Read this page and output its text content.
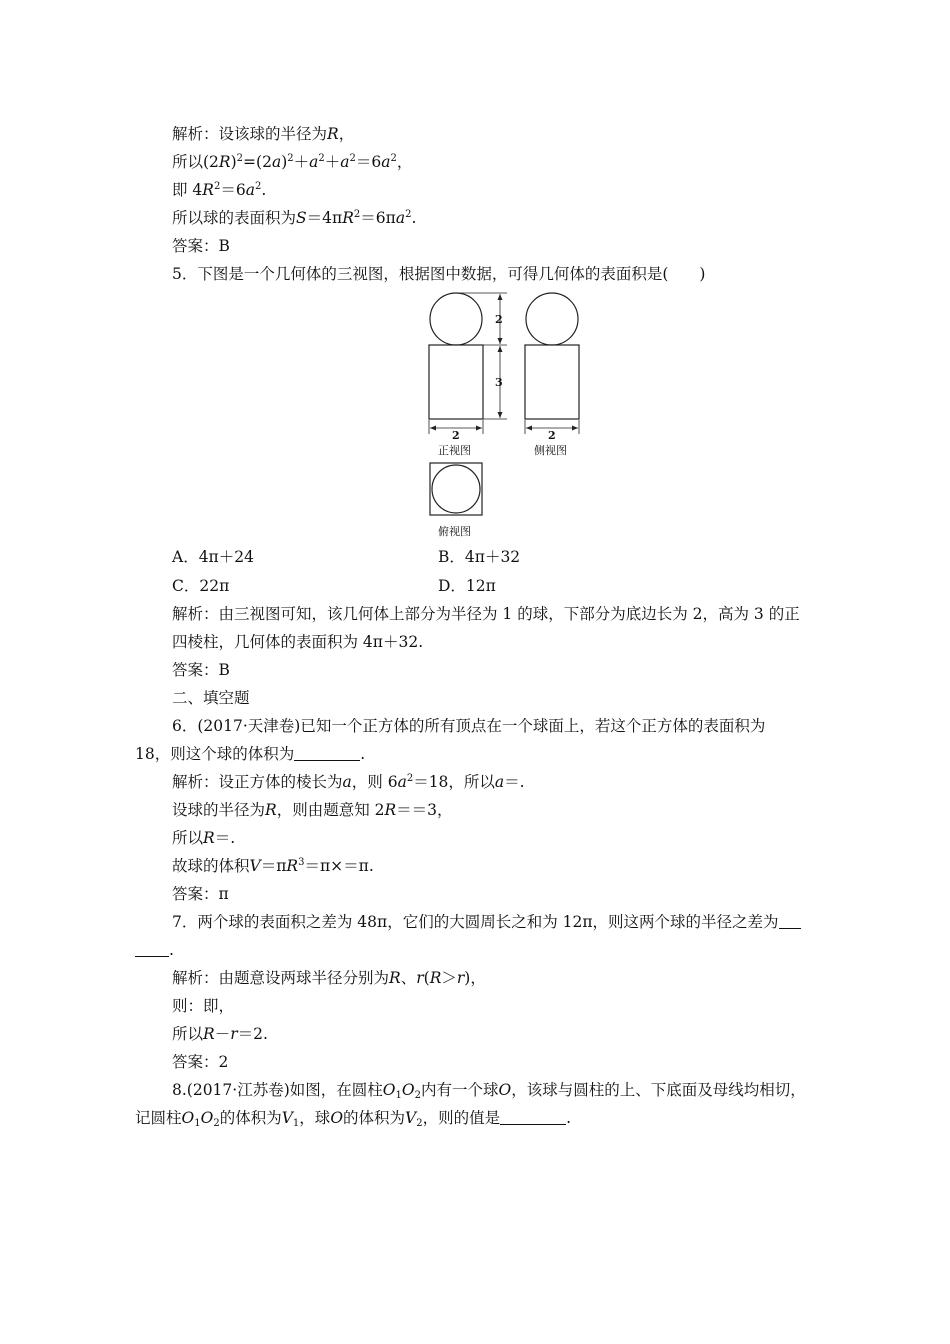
解析：设该球的半径为R，
所以$(2R)^2=(2a)^2+a^2+a^2=6a^2$，
即 $4R^2=6a^2$.
所以球的表面积为$S=4\pi R^2=6\pi a^2$.
答案：B
5．下图是一个几何体的三视图，根据图中数据，可得几何体的表面积是(　　)
2
3
2
正视图
2
侧视图
俯视图
A．4π＋24	B．4π＋32
C．22π	D．12π
解析：由三视图可知，该几何体上部分为半径为 1 的球，下部分为底边长为 2，高为 3 的正
四棱柱，几何体的表面积为 4π＋32.
答案：B
二、填空题
6．(2017·天津卷)已知一个正方体的所有顶点在一个球面上，若这个正方体的表面积为
18，则这个球的体积为	.
解析：设正方体的棱长为a，则 $6a^2=18$，所以a＝.
设球的半径为R，则由题意知 2R＝＝3，
所以R＝.
故球的体积$V=\pi R^3=\pi\times=\pi$.
答案：π
7．两个球的表面积之差为 48π，它们的大圆周长之和为 12π，则这两个球的半径之差为
.
解析：由题意设两球半径分别为R、r(R＞r)，
则：即，
所以R－r＝2.
答案：2
8.(2017·江苏卷)如图，在圆柱$O_1O_2$内有一个球O，该球与圆柱的上、下底面及母线均相切，
记圆柱$O_1O_2$的体积为$V_1$，球O的体积为$V_2$，则的值是	.
